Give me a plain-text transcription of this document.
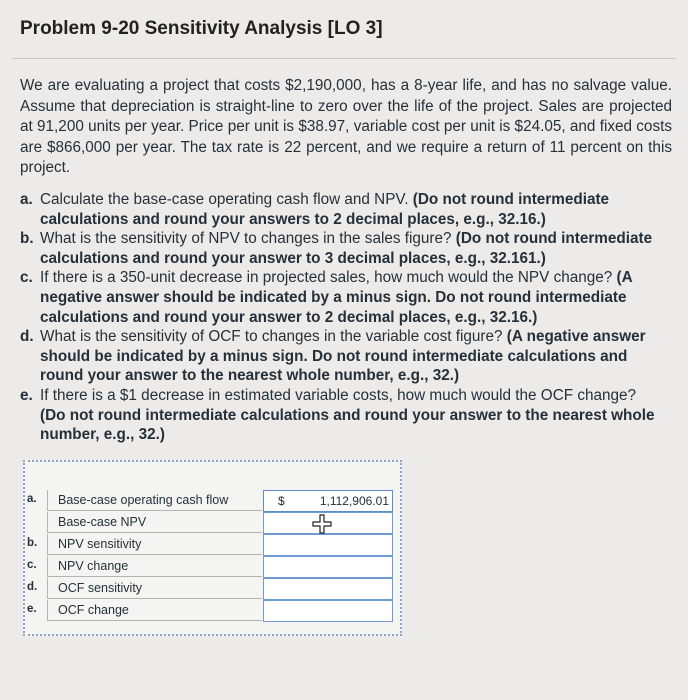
Problem 9-20 Sensitivity Analysis [LO 3]

We are evaluating a project that costs $2,190,000, has a 8-year life, and has no salvage value. Assume that depreciation is straight-line to zero over the life of the project. Sales are projected at 91,200 units per year. Price per unit is $38.97, variable cost per unit is $24.05, and fixed costs are $866,000 per year. The tax rate is 22 percent, and we require a return of 11 percent on this project.

a. Calculate the base-case operating cash flow and NPV. (Do not round intermediate calculations and round your answers to 2 decimal places, e.g., 32.16.)
b. What is the sensitivity of NPV to changes in the sales figure? (Do not round intermediate calculations and round your answer to 3 decimal places, e.g., 32.161.)
c. If there is a 350-unit decrease in projected sales, how much would the NPV change? (A negative answer should be indicated by a minus sign. Do not round intermediate calculations and round your answer to 2 decimal places, e.g., 32.16.)
d. What is the sensitivity of OCF to changes in the variable cost figure? (A negative answer should be indicated by a minus sign. Do not round intermediate calculations and round your answer to the nearest whole number, e.g., 32.)
e. If there is a $1 decrease in estimated variable costs, how much would the OCF change? (Do not round intermediate calculations and round your answer to the nearest whole number, e.g., 32.)
a.	Base-case operating cash flow	$	1,112,906.01
Base-case NPV
b.	NPV sensitivity
c.	NPV change
d.	OCF sensitivity
e.	OCF change
